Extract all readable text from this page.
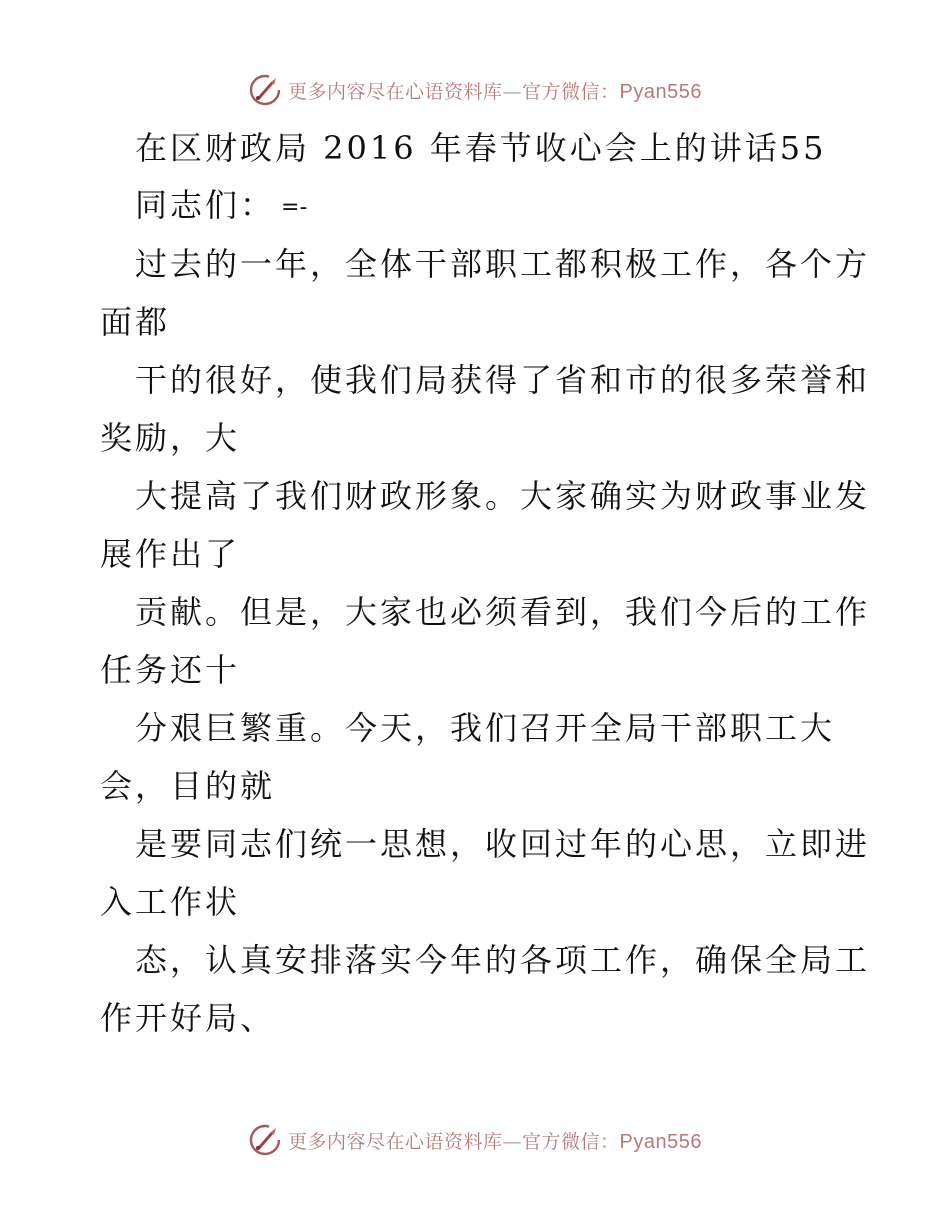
更多内容尽在心语资料库—官方微信：Pyan556
在区财政局 2016 年春节收心会上的讲话55
同志们： =-
过去的一年，全体干部职工都积极工作，各个方
面都
干的很好，使我们局获得了省和市的很多荣誉和
奖励，大
大提高了我们财政形象。大家确实为财政事业发
展作出了
贡献。但是，大家也必须看到，我们今后的工作
任务还十
分艰巨繁重。今天，我们召开全局干部职工大
会，目的就
是要同志们统一思想，收回过年的心思，立即进
入工作状
态，认真安排落实今年的各项工作，确保全局工
作开好局、
更多内容尽在心语资料库—官方微信：Pyan556
